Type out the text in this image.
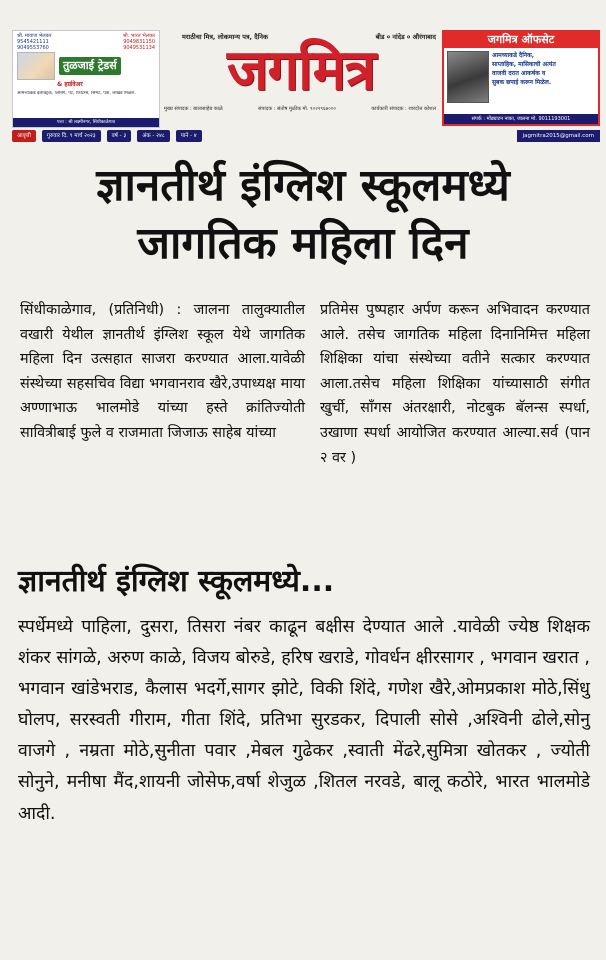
श्री. मायाज भेलकर
9545421111
9049553760
श्री. भारत भेलकर
9049831150
9049531134
तुळजाई ट्रेडर्स
& हार्डवेअर
आमच्याकडे इलेक्ट्रिक, प्लंबिंग, पेंट, फिटिंग्स, सिमेंट, पत्रा, लोखंड मिळेल.
पत्ता : श्री लक्ष्मीनगर, सिंधीकाळेगाव
मराठीचा मित्र, लोकमान्य पत्र, दैनिक	बीड ० नांदेड ० औरंगाबाद
जगमित्र
मुख्य संपादक : बालासाहेब काळे	संपादक : संतोष मुळीक मो. ९०२२९६७०००	कार्यकारी संपादक : शारदोत्त कोशल
जगमित्र ऑफसेट
आमच्याकडे दैनिक,
साप्ताहिक, मासिकाची अत्यंत
वाजवी दरात आकर्षक व
सुबक छपाई करून मिळेल.
संपर्क : मोंढ्याटन नाका, जालना मो. 9011193001
आवृत्ती	गुरुवार दि. ९ मार्च २०२३	वर्ष - ३	अंक - २४८	पाने - ४	jagmitra2015@gmail.com
ज्ञानतीर्थ इंग्लिश स्कूलमध्ये
जागतिक महिला दिन

सिंधीकाळेगाव, (प्रतिनिधी) : जालना तालुक्यातील वखारी येथील ज्ञानतीर्थ इंग्लिश स्कूल येथे जागतिक महिला दिन उत्सहात साजरा करण्यात आला.यावेळी संस्थेच्या सहसचिव विद्या भगवानराव खैरे,उपाध्यक्ष माया अण्णाभाऊ भालमोडे यांच्या हस्ते क्रांतिज्योती सावित्रीबाई फुले व राजमाता जिजाऊ साहेब यांच्या

प्रतिमेस पुष्पहार अर्पण करून अभिवादन करण्यात आले. तसेच जागतिक महिला दिनानिमित्त महिला शिक्षिका यांचा संस्थेच्या वतीने सत्कार करण्यात आला.तसेच महिला शिक्षिका यांच्यासाठी संगीत खुर्ची, सॉंगस अंतरक्षारी, नोटबुक बॅलन्स स्पर्धा, उखाणा स्पर्धा आयोजित करण्यात आल्या.सर्व (पान २ वर )

ज्ञानतीर्थ इंग्लिश स्कूलमध्ये...

स्पर्धेमध्ये पाहिला, दुसरा, तिसरा नंबर काढून बक्षीस देण्यात आले .यावेळी ज्येष्ठ शिक्षक शंकर सांगळे, अरुण काळे, विजय बोरुडे, हरिष खराडे, गोवर्धन क्षीरसागर , भगवान खरात , भगवान खांडेभराड, कैलास भदर्गे,सागर झोटे, विकी शिंदे, गणेश खैरे,ओमप्रकाश मोठे,सिंधु घोलप, सरस्वती गीराम, गीता शिंदे, प्रतिभा सुरडकर, दिपाली सोसे ,अश्विनी ढोले,सोनु वाजगे , नम्रता मोठे,सुनीता पवार ,मेबल गुढेकर ,स्वाती मेंढरे,सुमित्रा खोतकर , ज्योती सोनुने, मनीषा मैंद,शायनी जोसेफ,वर्षा शेजुळ ,शितल नरवडे, बालू कठोरे, भारत भालमोडे आदी.
